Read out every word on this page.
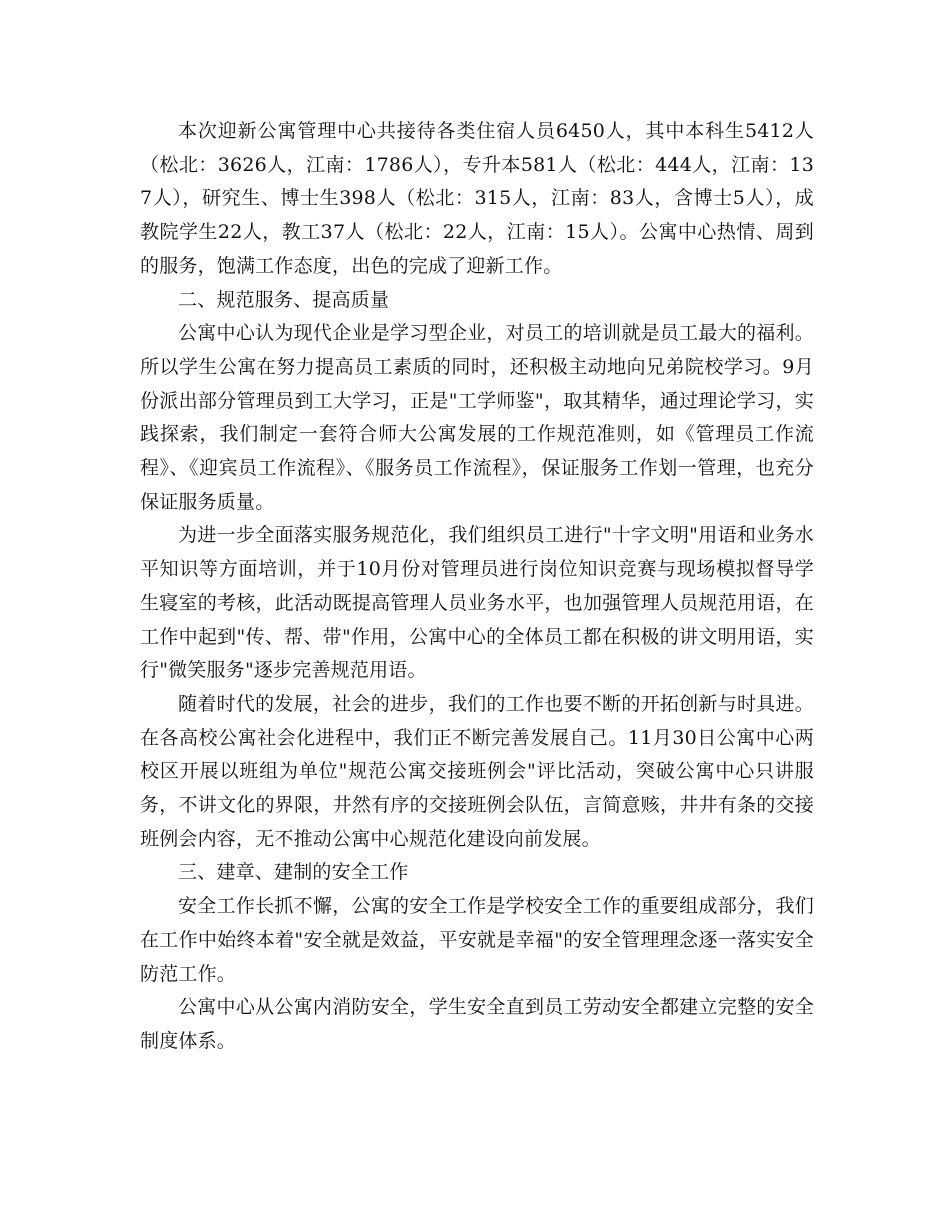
本次迎新公寓管理中心共接待各类住宿人员6450人，其中本科生5412人（松北：3626人，江南：1786人），专升本581人（松北：444人，江南：137人），研究生、博士生398人（松北：315人，江南：83人，含博士5人），成教院学生22人，教工37人（松北：22人，江南：15人）。公寓中心热情、周到的服务，饱满工作态度，出色的完成了迎新工作。

二、规范服务、提高质量

公寓中心认为现代企业是学习型企业，对员工的培训就是员工最大的福利。所以学生公寓在努力提高员工素质的同时，还积极主动地向兄弟院校学习。9月份派出部分管理员到工大学习，正是"工学师鉴"，取其精华，通过理论学习，实践探索，我们制定一套符合师大公寓发展的工作规范准则，如《管理员工作流程》、《迎宾员工作流程》、《服务员工作流程》，保证服务工作划一管理，也充分保证服务质量。

为进一步全面落实服务规范化，我们组织员工进行"十字文明"用语和业务水平知识等方面培训，并于10月份对管理员进行岗位知识竞赛与现场模拟督导学生寝室的考核，此活动既提高管理人员业务水平，也加强管理人员规范用语，在工作中起到"传、帮、带"作用，公寓中心的全体员工都在积极的讲文明用语，实行"微笑服务"逐步完善规范用语。

随着时代的发展，社会的进步，我们的工作也要不断的开拓创新与时具进。在各高校公寓社会化进程中，我们正不断完善发展自己。11月30日公寓中心两校区开展以班组为单位"规范公寓交接班例会"评比活动，突破公寓中心只讲服务，不讲文化的界限，井然有序的交接班例会队伍，言简意赅，井井有条的交接班例会内容，无不推动公寓中心规范化建设向前发展。

三、建章、建制的安全工作

安全工作长抓不懈，公寓的安全工作是学校安全工作的重要组成部分，我们在工作中始终本着"安全就是效益，平安就是幸福"的安全管理理念逐一落实安全防范工作。

公寓中心从公寓内消防安全，学生安全直到员工劳动安全都建立完整的安全制度体系。
